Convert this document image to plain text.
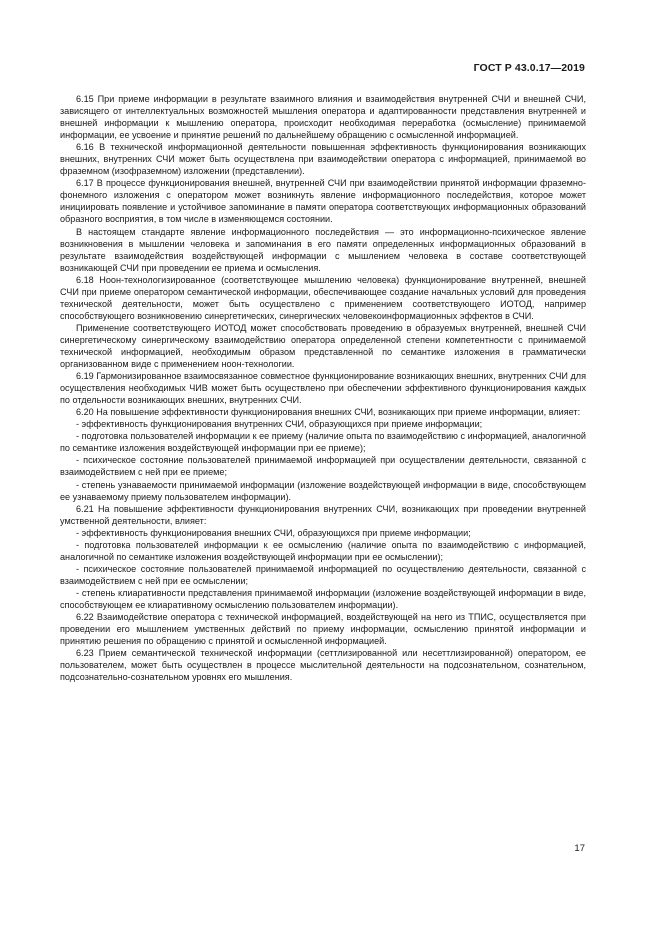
ГОСТ Р 43.0.17—2019

6.15 При приеме информации в результате взаимного влияния и взаимодействия внутренней СЧИ и внешней СЧИ, зависящего от интеллектуальных возможностей мышления оператора и адаптированности представления внутренней и внешней информации к мышлению оператора, происходит необходимая переработка (осмысление) принимаемой информации, ее усвоение и принятие решений по дальнейшему обращению с осмысленной информацией.

6.16 В технической информационной деятельности повышенная эффективность функционирования возникающих внешних, внутренних СЧИ может быть осуществлена при взаимодействии оператора с информацией, принимаемой во фраземном (изофраземном) изложении (представлении).

6.17 В процессе функционирования внешней, внутренней СЧИ при взаимодействии принятой информации фраземно-фонемного изложения с оператором может возникнуть явление информационного последействия, которое может инициировать появление и устойчивое запоминание в памяти оператора соответствующих информационных образований образного восприятия, в том числе в изменяющемся состоянии.

В настоящем стандарте явление информационного последействия — это информационно-психическое явление возникновения в мышлении человека и запоминания в его памяти определенных информационных образований в результате взаимодействия воздействующей информации с мышлением человека в составе соответствующей возникающей СЧИ при проведении ее приема и осмысления.

6.18 Ноон-технологизированное (соответствующее мышлению человека) функционирование внутренней, внешней СЧИ при приеме оператором семантической информации, обеспечивающее создание начальных условий для проведения технической деятельности, может быть осуществлено с применением соответствующего ИОТОД, например способствующего возникновению синергетических, синергических человекоинформационных эффектов в СЧИ.

Применение соответствующего ИОТОД может способствовать проведению в образуемых внутренней, внешней СЧИ синергетическому синергическому взаимодействию оператора определенной степени компетентности с принимаемой технической информацией, необходимым образом представленной по семантике изложения в грамматически организованном виде с применением ноон-технологии.

6.19 Гармонизированное взаимосвязанное совместное функционирование возникающих внешних, внутренних СЧИ для осуществления необходимых ЧИВ может быть осуществлено при обеспечении эффективного функционирования каждых по отдельности возникающих внешних, внутренних СЧИ.

6.20 На повышение эффективности функционирования внешних СЧИ, возникающих при приеме информации, влияет:

- эффективность функционирования внутренних СЧИ, образующихся при приеме информации;

- подготовка пользователей информации к ее приему (наличие опыта по взаимодействию с информацией, аналогичной по семантике изложения воздействующей информации при ее приеме);

- психическое состояние пользователей принимаемой информацией при осуществлении деятельности, связанной с взаимодействием с ней при ее приеме;

- степень узнаваемости принимаемой информации (изложение воздействующей информации в виде, способствующем ее узнаваемому приему пользователем информации).

6.21 На повышение эффективности функционирования внутренних СЧИ, возникающих при проведении внутренней умственной деятельности, влияет:

- эффективность функционирования внешних СЧИ, образующихся при приеме информации;

- подготовка пользователей информации к ее осмыслению (наличие опыта по взаимодействию с информацией, аналогичной по семантике изложения воздействующей информации при ее осмыслении);

- психическое состояние пользователей принимаемой информацией по осуществлению деятельности, связанной с взаимодействием с ней при ее осмыслении;

- степень клиаративности представления принимаемой информации (изложение воздействующей информации в виде, способствующем ее клиаративному осмыслению пользователем информации).

6.22 Взаимодействие оператора с технической информацией, воздействующей на него из ТПИС, осуществляется при проведении его мышлением умственных действий по приему информации, осмыслению принятой информации и принятию решения по обращению с принятой и осмысленной информацией.

6.23 Прием семантической технической информации (сеттлизированной или несеттлизированной) оператором, ее пользователем, может быть осуществлен в процессе мыслительной деятельности на подсознательном, сознательном, подсознательно-сознательном уровнях его мышления.

17
